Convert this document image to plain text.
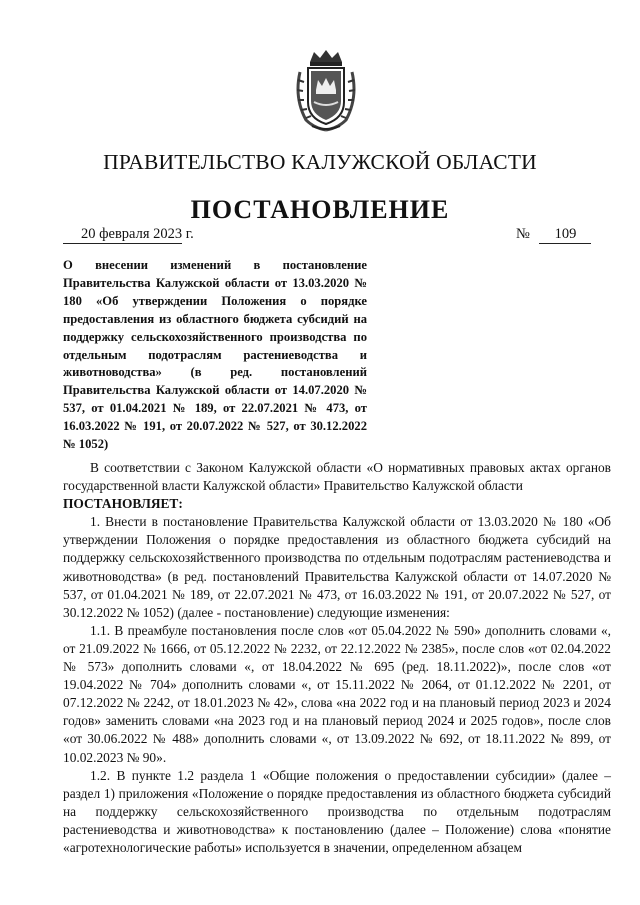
ПРАВИТЕЛЬСТВО КАЛУЖСКОЙ ОБЛАСТИ
ПОСТАНОВЛЕНИЕ
20 февраля 2023 г.	№ 109
О внесении изменений в постановление Правительства Калужской области от 13.03.2020 № 180 «Об утверждении Положения о порядке предоставления из областного бюджета субсидий на поддержку сельскохозяйственного производства по отдельным подотраслям растениеводства и животноводства» (в ред. постановлений Правительства Калужской области от 14.07.2020 № 537, от 01.04.2021 № 189, от 22.07.2021 № 473, от 16.03.2022 № 191, от 20.07.2022 № 527, от 30.12.2022 № 1052)

В соответствии с Законом Калужской области «О нормативных правовых актах органов государственной власти Калужской области» Правительство Калужской области

ПОСТАНОВЛЯЕТ:

1. Внести в постановление Правительства Калужской области от 13.03.2020 № 180 «Об утверждении Положения о порядке предоставления из областного бюджета субсидий на поддержку сельскохозяйственного производства по отдельным подотраслям растениеводства и животноводства» (в ред. постановлений Правительства Калужской области от 14.07.2020 № 537, от 01.04.2021 № 189, от 22.07.2021 № 473, от 16.03.2022 № 191, от 20.07.2022 № 527, от 30.12.2022 № 1052) (далее - постановление) следующие изменения:

1.1. В преамбуле постановления после слов «от 05.04.2022 № 590» дополнить словами «, от 21.09.2022 № 1666, от 05.12.2022 № 2232, от 22.12.2022 № 2385», после слов «от 02.04.2022 № 573» дополнить словами «, от 18.04.2022 № 695 (ред. 18.11.2022)», после слов «от 19.04.2022 № 704» дополнить словами «, от 15.11.2022 № 2064, от 01.12.2022 № 2201, от 07.12.2022 № 2242, от 18.01.2023 № 42», слова «на 2022 год и на плановый период 2023 и 2024 годов» заменить словами «на 2023 год и на плановый период 2024 и 2025 годов», после слов «от 30.06.2022 № 488» дополнить словами «, от 13.09.2022 № 692, от 18.11.2022 № 899, от 10.02.2023 № 90».

1.2. В пункте 1.2 раздела 1 «Общие положения о предоставлении субсидии» (далее – раздел 1) приложения «Положение о порядке предоставления из областного бюджета субсидий на поддержку сельскохозяйственного производства по отдельным подотраслям растениеводства и животноводства» к постановлению (далее – Положение) слова «понятие «агротехнологические работы» используется в значении, определенном абзацем
